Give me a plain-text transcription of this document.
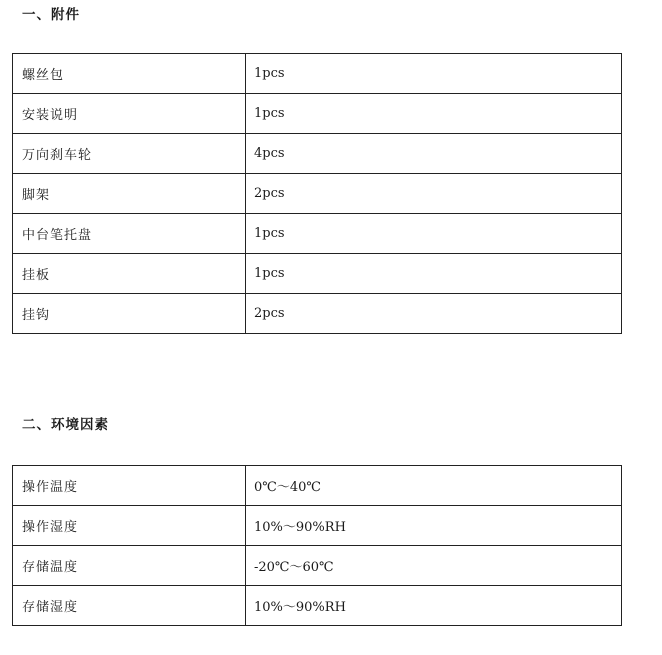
一、附件
螺丝包	1pcs
安装说明	1pcs
万向刹车轮	4pcs
脚架	2pcs
中台笔托盘	1pcs
挂板	1pcs
挂钩	2pcs
二、环境因素
操作温度	0℃～40℃
操作湿度	10%～90%RH
存储温度	-20℃～60℃
存储湿度	10%～90%RH
